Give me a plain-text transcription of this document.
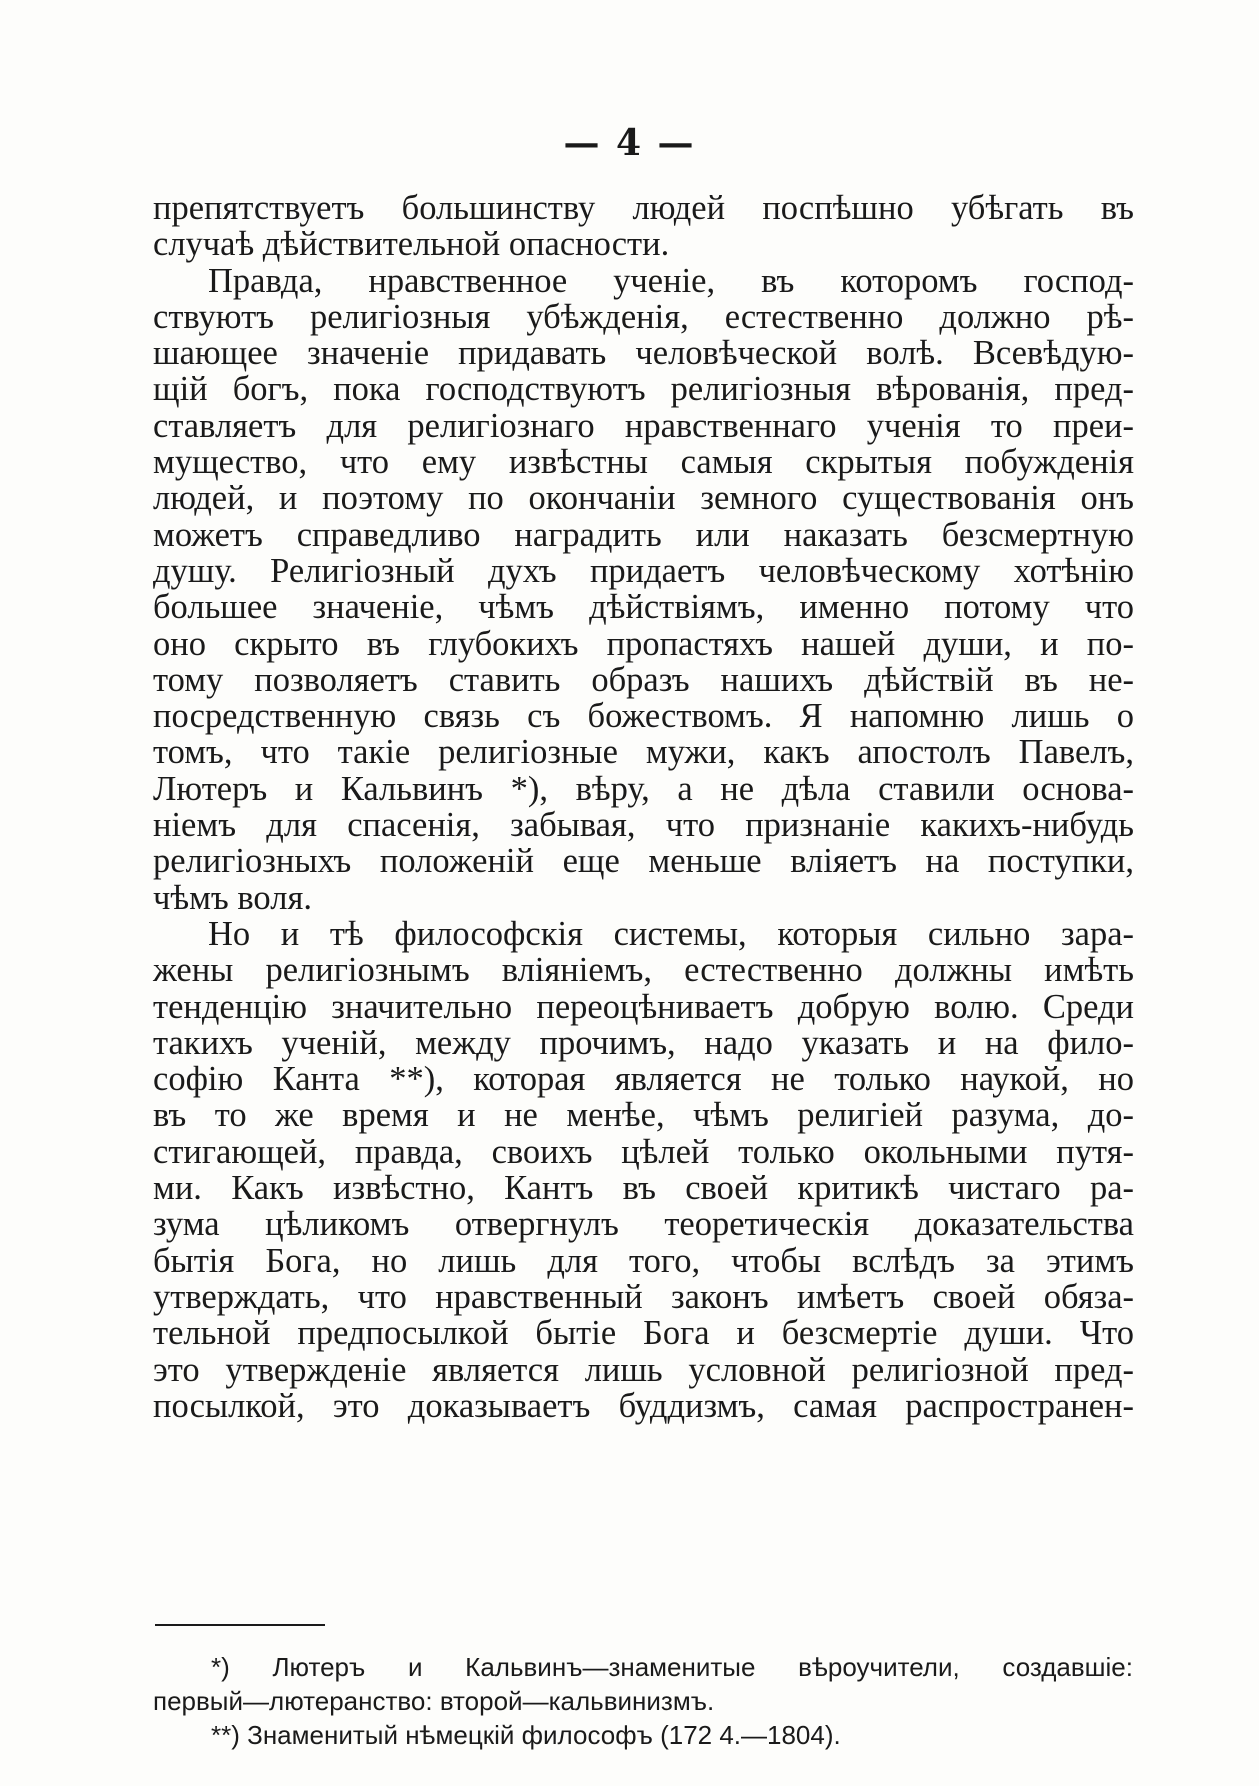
— 4 —
препятствуетъ большинству людей поспѣшно убѣгать въ
случаѣ дѣйствительной опасности.
Правда, нравственное ученіе, въ которомъ господ-
ствуютъ религіозныя убѣжденія, естественно должно рѣ-
шающее значеніе придавать человѣческой волѣ. Всевѣдую-
щій богъ, пока господствуютъ религіозныя вѣрованія, пред-
ставляетъ для религіознаго нравственнаго ученія то преи-
мущество, что ему извѣстны самыя скрытыя побужденія
людей, и поэтому по окончаніи земного существованія онъ
можетъ справедливо наградить или наказать безсмертную
душу. Религіозный духъ придаетъ человѣческому хотѣнію
большее значеніе, чѣмъ дѣйствіямъ, именно потому что
оно скрыто въ глубокихъ пропастяхъ нашей души, и по-
тому позволяетъ ставить образъ нашихъ дѣйствій въ не-
посредственную связь съ божествомъ. Я напомню лишь о
томъ, что такіе религіозные мужи, какъ апостолъ Павелъ,
Лютеръ и Кальвинъ *), вѣру, а не дѣла ставили основа-
ніемъ для спасенія, забывая, что признаніе какихъ-нибудь
религіозныхъ положеній еще меньше вліяетъ на поступки,
чѣмъ воля.
Но и тѣ философскія системы, которыя сильно зара-
жены религіознымъ вліяніемъ, естественно должны имѣть
тенденцію значительно переоцѣниваетъ добрую волю. Среди
такихъ ученій, между прочимъ, надо указать и на фило-
софію Канта **), которая является не только наукой, но
въ то же время и не менѣе, чѣмъ религіей разума, до-
стигающей, правда, своихъ цѣлей только окольными путя-
ми. Какъ извѣстно, Кантъ въ своей критикѣ чистаго ра-
зума цѣликомъ отвергнулъ теоретическія доказательства
бытія Бога, но лишь для того, чтобы вслѣдъ за этимъ
утверждать, что нравственный законъ имѣетъ своей обяза-
тельной предпосылкой бытіе Бога и безсмертіе души. Что
это утвержденіе является лишь условной религіозной пред-
посылкой, это доказываетъ буддизмъ, самая распространен-
*) Лютеръ и Кальвинъ—знаменитые вѣроучители, создавшіе:
первый—лютеранство: второй—кальвинизмъ.
**) Знаменитый нѣмецкій философъ (172 4.—1804).
